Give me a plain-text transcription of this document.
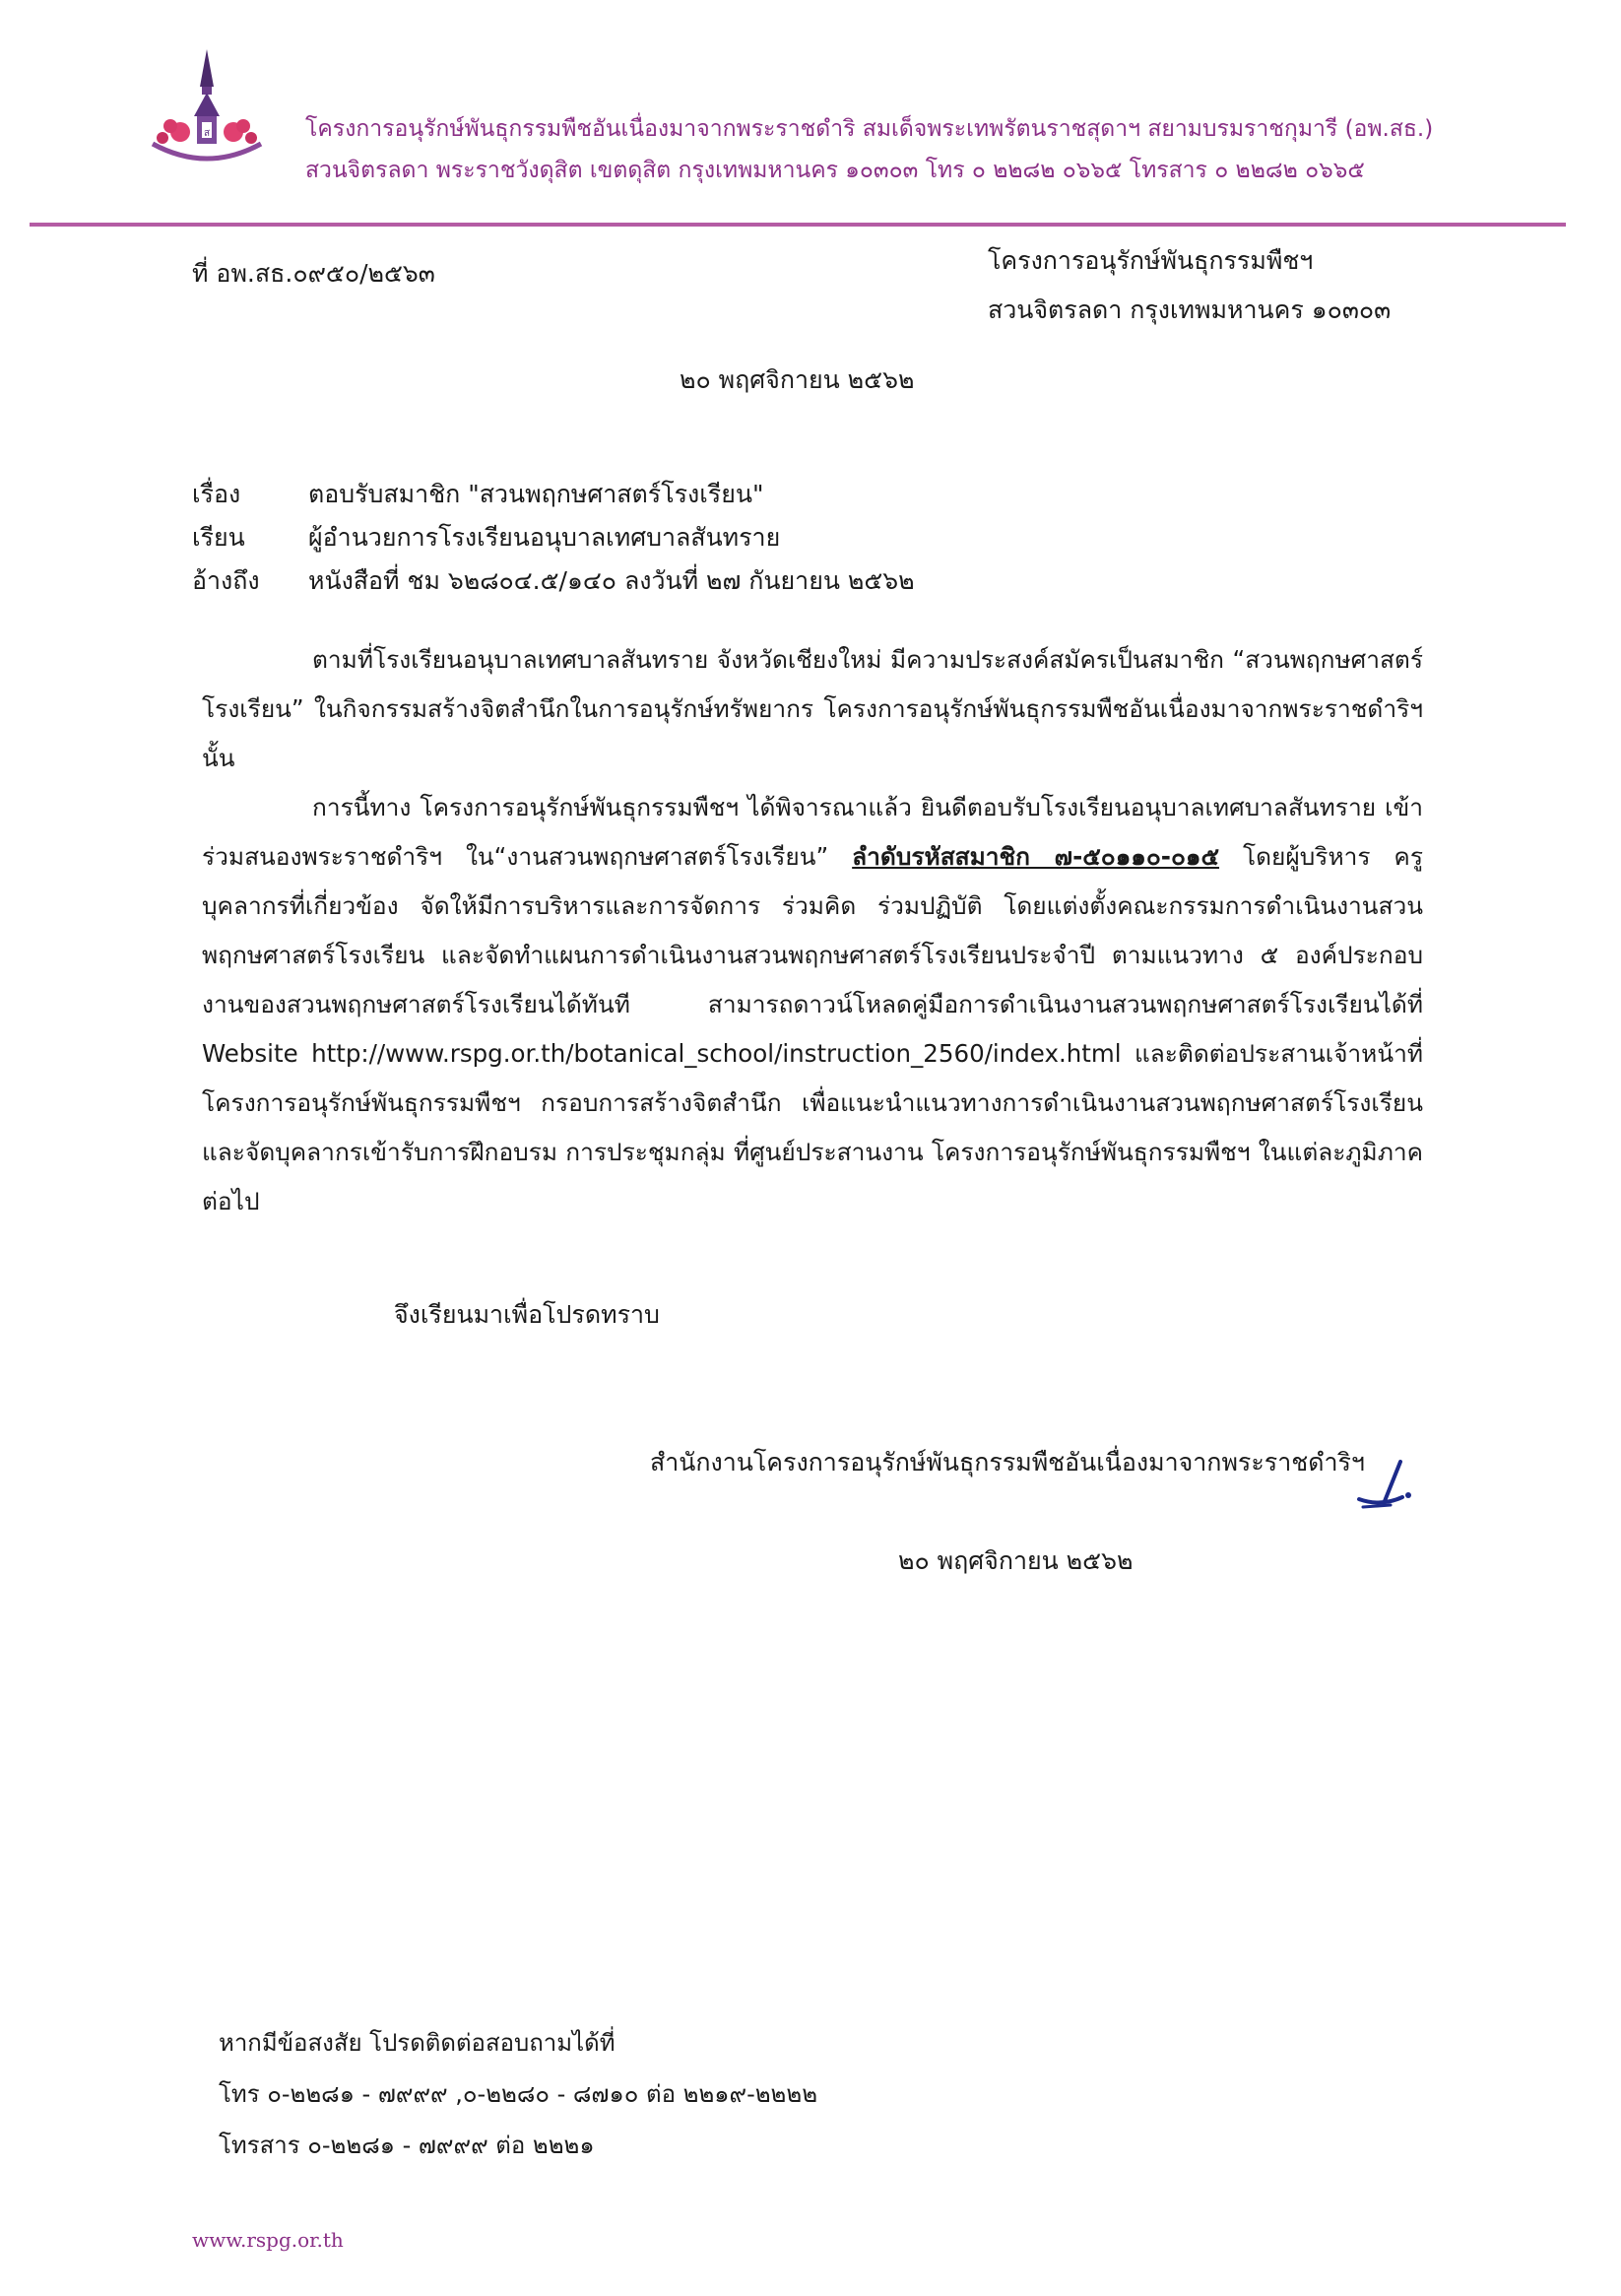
ส	โครงการอนุรักษ์พันธุกรรมพืชอันเนื่องมาจากพระราชดำริ สมเด็จพระเทพรัตนราชสุดาฯ สยามบรมราชกุมารี (อพ.สธ.)
สวนจิตรลดา พระราชวังดุสิต เขตดุสิต กรุงเทพมหานคร ๑๐๓๐๓ โทร ๐ ๒๒๘๒ ๐๖๖๕ โทรสาร ๐ ๒๒๘๒ ๐๖๖๕
ที่ อพ.สธ.๐๙๕๐/๒๕๖๓	โครงการอนุรักษ์พันธุกรรมพืชฯ
สวนจิตรลดา กรุงเทพมหานคร ๑๐๓๐๓
๒๐ พฤศจิกายน ๒๕๖๒
เรื่อง	ตอบรับสมาชิก "สวนพฤกษศาสตร์โรงเรียน"
เรียน	ผู้อำนวยการโรงเรียนอนุบาลเทศบาลสันทราย
อ้างถึง	หนังสือที่ ชม ๖๒๘๐๔.๕/๑๔๐ ลงวันที่ ๒๗ กันยายน ๒๕๖๒

ตามที่โรงเรียนอนุบาลเทศบาลสันทราย จังหวัดเชียงใหม่ มีความประสงค์สมัครเป็นสมาชิก “สวนพฤกษศาสตร์โรงเรียน” ในกิจกรรมสร้างจิตสำนึกในการอนุรักษ์ทรัพยากร โครงการอนุรักษ์พันธุกรรมพืชอันเนื่องมาจากพระราชดำริฯ นั้น

การนี้ทาง โครงการอนุรักษ์พันธุกรรมพืชฯ ได้พิจารณาแล้ว ยินดีตอบรับโรงเรียนอนุบาลเทศบาลสันทราย เข้าร่วมสนองพระราชดำริฯ ใน“งานสวนพฤกษศาสตร์โรงเรียน” ลำดับรหัสสมาชิก ๗-๕๐๑๑๐-๐๑๕ โดยผู้บริหาร ครู บุคลากรที่เกี่ยวข้อง จัดให้มีการบริหารและการจัดการ ร่วมคิด ร่วมปฏิบัติ โดยแต่งตั้งคณะกรรมการดำเนินงานสวนพฤกษศาสตร์โรงเรียน และจัดทำแผนการดำเนินงานสวนพฤกษศาสตร์โรงเรียนประจำปี ตามแนวทาง ๕ องค์ประกอบงานของสวนพฤกษศาสตร์โรงเรียนได้ทันที สามารถดาวน์โหลดคู่มือการดำเนินงานสวนพฤกษศาสตร์โรงเรียนได้ที่ Website http://www.rspg.or.th/botanical_school/instruction_2560/index.html และติดต่อประสานเจ้าหน้าที่ โครงการอนุรักษ์พันธุกรรมพืชฯ กรอบการสร้างจิตสำนึก เพื่อแนะนำแนวทางการดำเนินงานสวนพฤกษศาสตร์โรงเรียน และจัดบุคลากรเข้ารับการฝึกอบรม การประชุมกลุ่ม ที่ศูนย์ประสานงาน โครงการอนุรักษ์พันธุกรรมพืชฯ ในแต่ละภูมิภาคต่อไป

จึงเรียนมาเพื่อโปรดทราบ
สำนักงานโครงการอนุรักษ์พันธุกรรมพืชอันเนื่องมาจากพระราชดำริฯ
๒๐ พฤศจิกายน ๒๕๖๒
หากมีข้อสงสัย โปรดติดต่อสอบถามได้ที่
โทร ๐-๒๒๘๑ - ๗๙๙๙ ,๐-๒๒๘๐ - ๘๗๑๐ ต่อ ๒๒๑๙-๒๒๒๒
โทรสาร ๐-๒๒๘๑ - ๗๙๙๙ ต่อ ๒๒๒๑
www.rspg.or.th
